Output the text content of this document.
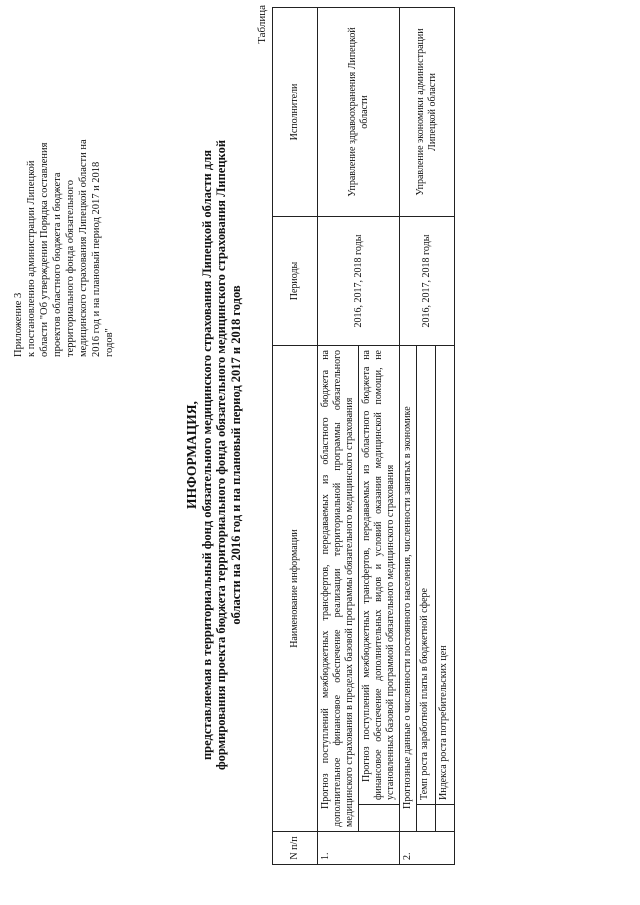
Приложение 3 к постановлению администрации Липецкой области "Об утверждении Порядка составления проектов областного бюджета и бюджета территориального фонда обязательного медицинского страхования Липецкой области на 2016 год и на плановый период 2017 и 2018 годов"
ИНФОРМАЦИЯ, представляемая в территориальный фонд обязательного медицинского страхования Липецкой области для формирования проекта бюджета территориального фонда обязательного медицинского страхования Липецкой области на 2016 год и на плановый период 2017 и 2018 годов
Таблица
N п/п	Наименование информации		Периоды	Исполнители
1.	Прогноз поступлений межбюджетных трансфертов, передаваемых из областного бюджета на дополнительное финансовое обеспечение реализации территориальной программы обязательного медицинского страхования в пределах базовой программы обязательного медицинского страхования		2016, 2017, 2018 годы	Управление здравоохранения Липецкой области
		Прогноз поступлений межбюджетных трансфертов, передаваемых из областного бюджета на финансовое обеспечение дополнительных видов и условий оказания медицинской помощи, не установленных базовой программой обязательного медицинского страхования		
2.	Прогнозные данные о численности постоянного населения, численности занятых в экономике		2016, 2017, 2018 годы	Управление экономики администрации Липецкой области
		Темп роста заработной платы в бюджетной сфере		
		Индекса роста потребительских цен		
